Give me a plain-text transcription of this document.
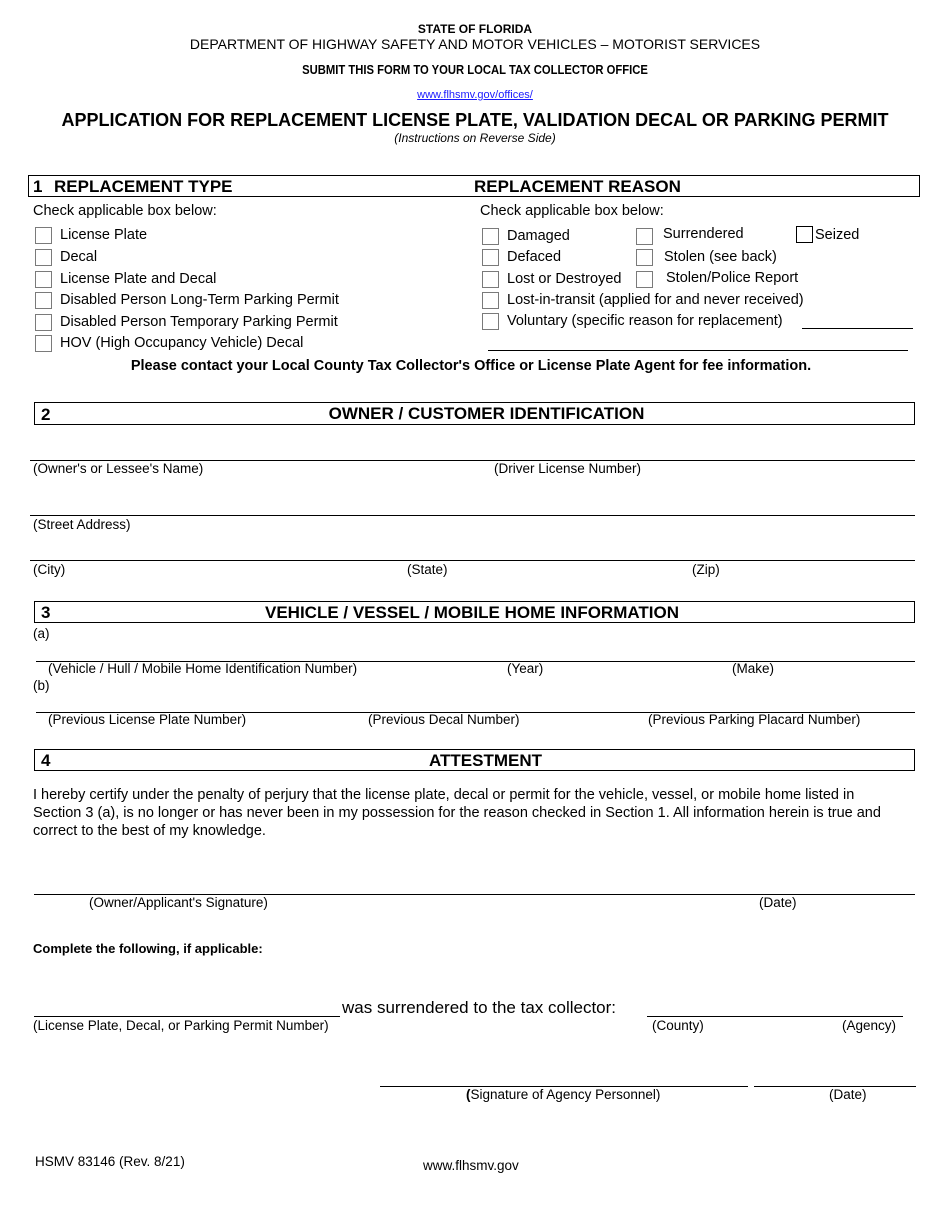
STATE OF FLORIDA
DEPARTMENT OF HIGHWAY SAFETY AND MOTOR VEHICLES – MOTORIST SERVICES
SUBMIT THIS FORM TO YOUR LOCAL TAX COLLECTOR OFFICE
www.flhsmv.gov/offices/
APPLICATION FOR REPLACEMENT LICENSE PLATE, VALIDATION DECAL OR PARKING PERMIT
(Instructions on Reverse Side)
1 REPLACEMENT TYPE	REPLACEMENT REASON
Check applicable box below:	Check applicable box below:
License Plate
Decal
License Plate and Decal
Disabled Person Long-Term Parking Permit
Disabled Person Temporary Parking Permit
HOV (High Occupancy Vehicle) Decal
Damaged	Surrendered	Seized
Defaced	Stolen (see back)
Lost or Destroyed	Stolen/Police Report
Lost-in-transit (applied for and never received)
Voluntary (specific reason for replacement)
Please contact your Local County Tax Collector's Office or License Plate Agent for fee information.
2	OWNER / CUSTOMER IDENTIFICATION
(Owner's or Lessee's Name)	(Driver License Number)
(Street Address)
(City)	(State)	(Zip)
3	VEHICLE / VESSEL / MOBILE HOME INFORMATION
(a)
(Vehicle / Hull / Mobile Home Identification Number)	(Year)	(Make)
(b)
(Previous License Plate Number)	(Previous Decal Number)	(Previous Parking Placard Number)
4	ATTESTMENT
I hereby certify under the penalty of perjury that the license plate, decal or permit for the vehicle, vessel, or mobile home listed in Section 3 (a), is no longer or has never been in my possession for the reason checked in Section 1. All information herein is true and correct to the best of my knowledge.
(Owner/Applicant's Signature)	(Date)
Complete the following, if applicable:
was surrendered to the tax collector:
(License Plate, Decal, or Parking Permit Number)	(County)	(Agency)
(Signature of Agency Personnel)	(Date)
HSMV 83146 (Rev. 8/21)	www.flhsmv.gov
